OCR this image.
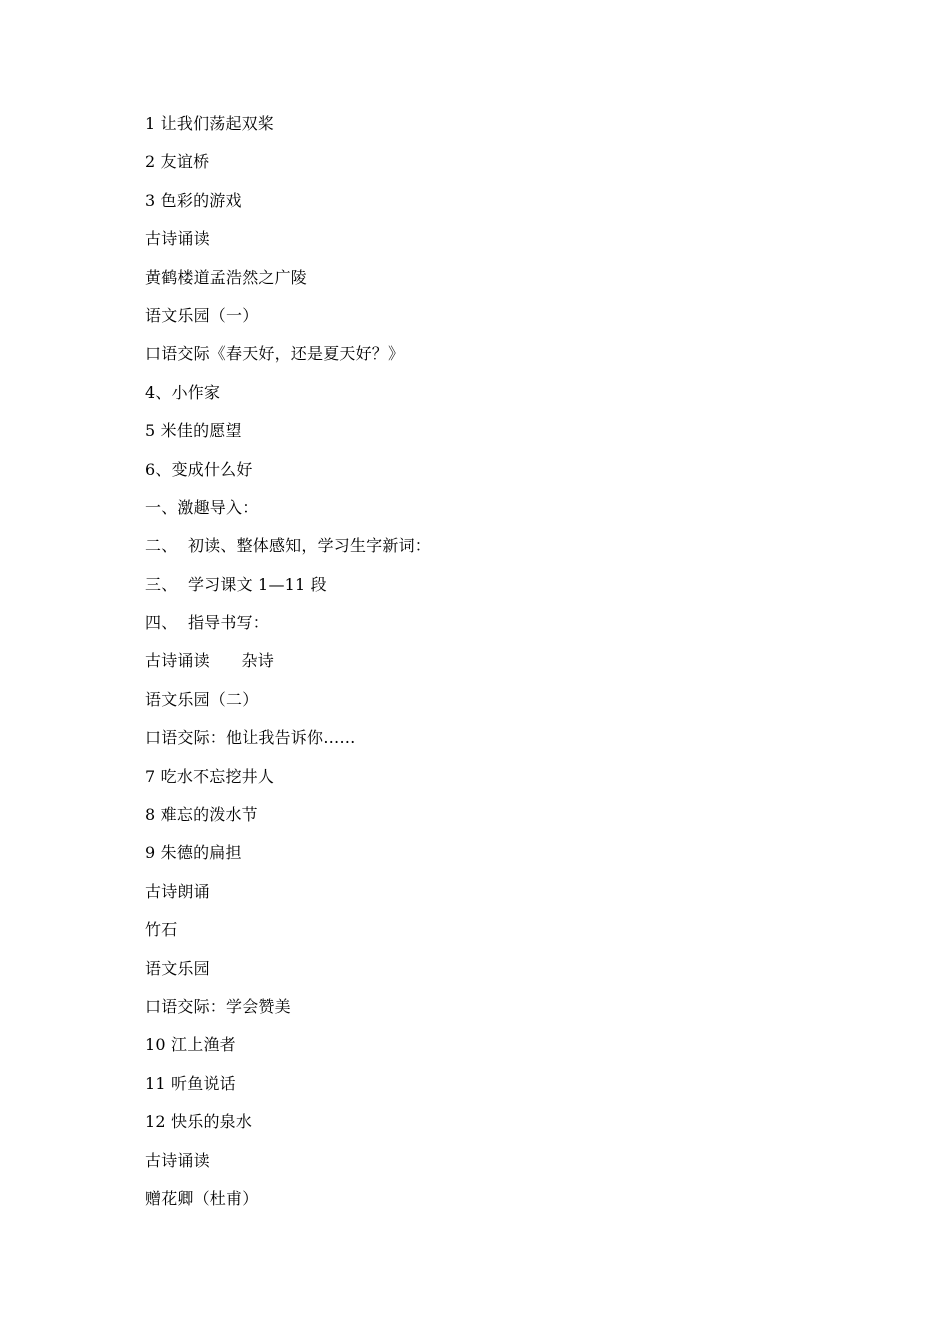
1 让我们荡起双桨
2 友谊桥
3 色彩的游戏
古诗诵读
黄鹤楼道孟浩然之广陵
语文乐园（一）
口语交际《春天好，还是夏天好？》
4、小作家
5 米佳的愿望
6、变成什么好
一、激趣导入：
二、  初读、整体感知，学习生字新词：
三、  学习课文 1—11 段
四、  指导书写：
古诗诵读      杂诗
语文乐园（二）
口语交际：他让我告诉你……
7 吃水不忘挖井人
8 难忘的泼水节
9 朱德的扁担
古诗朗诵
竹石
语文乐园
口语交际：学会赞美
10 江上渔者
11 听鱼说话
12 快乐的泉水
古诗诵读
赠花卿（杜甫）
